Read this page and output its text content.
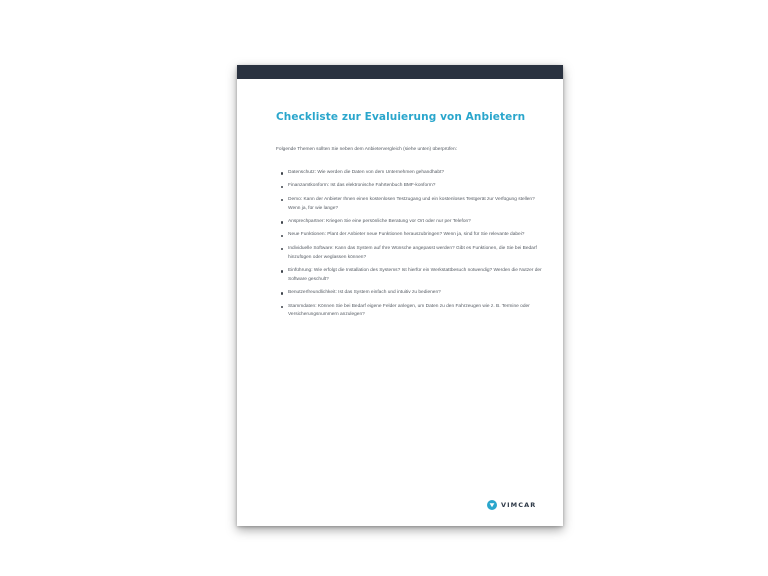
Checkliste zur Evaluierung von Anbietern

Folgende Themen sollten Sie neben dem Anbietervergleich (siehe unten) überprüfen:

Datenschutz: Wie werden die Daten von dem Unternehmen gehandhabt?
Finanzamtkonform: Ist das elektronische Fahrtenbuch BMF-konform?
Demo: Kann der Anbieter Ihnen einen kostenlosen Testzugang und ein kostenloses Testgerät zur Verfügung stellen? Wenn ja, für wie lange?
Ansprechpartner: Kriegen Sie eine persönliche Beratung vor Ort oder nur per Telefon?
Neue Funktionen: Plant der Anbieter neue Funktionen herauszubringen? Wenn ja, sind für Sie relevante dabei?
Individuelle Software: Kann das System auf Ihre Wünsche angepasst werden? Gibt es Funktionen, die Sie bei Bedarf hinzufügen oder weglassen können?
Einführung: Wie erfolgt die Installation des Systems? Ist hierfür ein Werkstattbesuch notwendig? Werden die Nutzer der Software geschult?
Benutzerfreundlichkeit: Ist das System einfach und intuitiv zu bedienen?
Stammdaten: Können Sie bei Bedarf eigene Felder anlegen, um Daten zu den Fahrzeugen wie z. B. Termine oder Versicherungsnummern anzulegen?
VIMCAR
